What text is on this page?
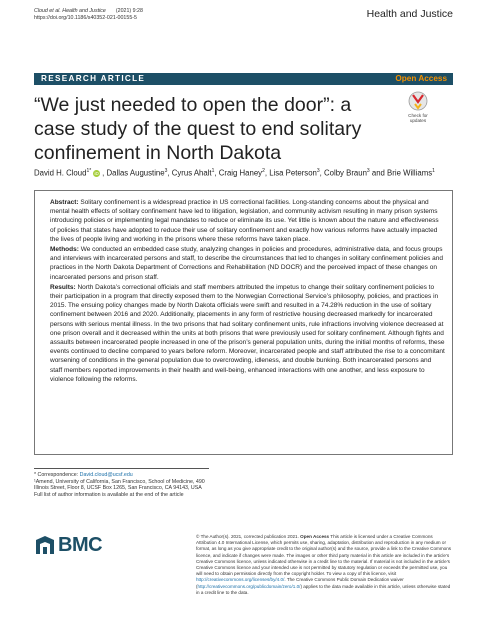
Cloud et al. Health and Justice (2021) 9:28
https://doi.org/10.1186/s40352-021-00155-5	Health and Justice
RESEARCH ARTICLE	Open Access
“We just needed to open the door”: a case study of the quest to end solitary confinement in North Dakota
Check for
updates
David H. Cloud$^{1*}$ iD , Dallas Augustine$^3$, Cyrus Ahalt$^1$, Craig Haney$^2$, Lisa Peterson$^3$, Colby Braun$^3$ and Brie Williams$^1$

Abstract: Solitary confinement is a widespread practice in US correctional facilities. Long-standing concerns about the physical and mental health effects of solitary confinement have led to litigation, legislation, and community activism resulting in many prison systems introducing policies or implementing legal mandates to reduce or eliminate its use. Yet little is known about the nature and effectiveness of policies that states have adopted to reduce their use of solitary confinement and exactly how various reforms have actually impacted the lives of people living and working in the prisons where these reforms have taken place.
Methods: We conducted an embedded case study, analyzing changes in policies and procedures, administrative data, and focus groups and interviews with incarcerated persons and staff, to describe the circumstances that led to changes in solitary confinement policies and practices in the North Dakota Department of Corrections and Rehabilitation (ND DOCR) and the perceived impact of these changes on incarcerated persons and prison staff.
Results: North Dakota’s correctional officials and staff members attributed the impetus to change their solitary confinement policies to their participation in a program that directly exposed them to the Norwegian Correctional Service’s philosophy, policies, and practices in 2015. The ensuing policy changes made by North Dakota officials were swift and resulted in a 74.28% reduction in the use of solitary confinement between 2016 and 2020. Additionally, placements in any form of restrictive housing decreased markedly for incarcerated persons with serious mental illness. In the two prisons that had solitary confinement units, rule infractions involving violence decreased at one prison overall and it decreased within the units at both prisons that were previously used for solitary confinement. Although fights and assaults between incarcerated people increased in one of the prison’s general population units, during the initial months of reforms, these events continued to decline compared to years before reform. Moreover, incarcerated people and staff attributed the rise to a concomitant worsening of conditions in the general population due to overcrowding, idleness, and double bunking. Both incarcerated persons and staff members reported improvements in their health and well-being, enhanced interactions with one another, and less exposure to violence following the reforms.

* Correspondence: David.cloud@ucsf.edu
¹Amend, University of California, San Francisco, School of Medicine, 490 Illinois Street, Floor 8, UCSF Box 1265, San Francisco, CA 94143, USA
Full list of author information is available at the end of the article
BMC	© The Author(s). 2021, corrected publication 2021. Open Access This article is licensed under a Creative Commons Attribution 4.0 International License, which permits use, sharing, adaptation, distribution and reproduction in any medium or format, as long as you give appropriate credit to the original author(s) and the source, provide a link to the Creative Commons licence, and indicate if changes were made. The images or other third party material in this article are included in the article’s Creative Commons licence, unless indicated otherwise in a credit line to the material. If material is not included in the article’s Creative Commons licence and your intended use is not permitted by statutory regulation or exceeds the permitted use, you will need to obtain permission directly from the copyright holder. To view a copy of this licence, visit http://creativecommons.org/licenses/by/4.0/. The Creative Commons Public Domain Dedication waiver (http://creativecommons.org/publicdomain/zero/1.0/) applies to the data made available in this article, unless otherwise stated in a credit line to the data.
